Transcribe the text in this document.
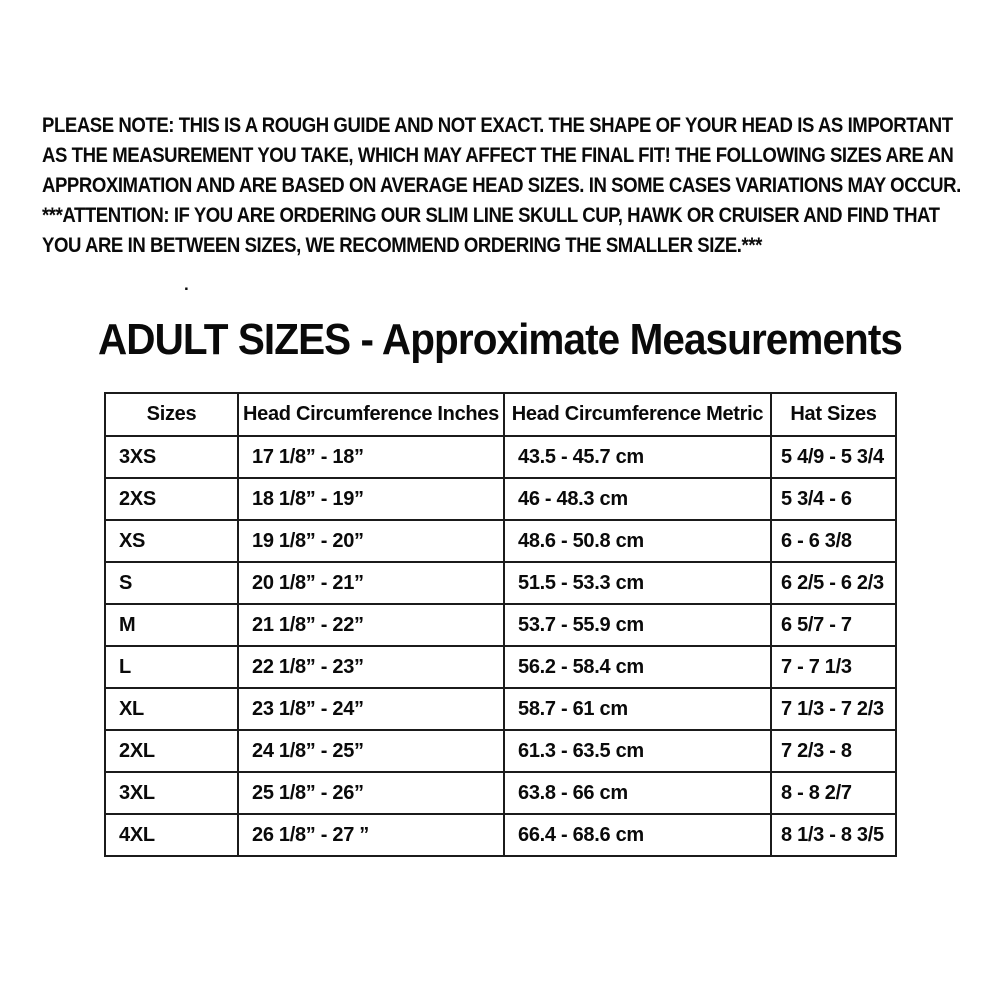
PLEASE NOTE: THIS IS A ROUGH GUIDE AND NOT EXACT. THE SHAPE OF YOUR HEAD IS AS IMPORTANT
AS THE MEASUREMENT YOU TAKE, WHICH MAY AFFECT THE FINAL FIT! THE FOLLOWING SIZES ARE AN
APPROXIMATION AND ARE BASED ON AVERAGE HEAD SIZES. IN SOME CASES VARIATIONS MAY OCCUR.

***ATTENTION: IF YOU ARE ORDERING OUR SLIM LINE SKULL CUP, HAWK OR CRUISER AND FIND THAT
YOU ARE IN BETWEEN SIZES, WE RECOMMEND ORDERING THE SMALLER SIZE.***

.
ADULT SIZES - Approximate Measurements
Sizes	Head Circumference Inches	Head Circumference Metric	Hat Sizes
3XS	17 1/8” - 18”	43.5 - 45.7 cm	5 4/9 - 5 3/4
2XS	18 1/8” - 19”	46 - 48.3 cm	5 3/4 - 6
XS	19 1/8” - 20”	48.6 - 50.8 cm	6 - 6 3/8
S	20 1/8” - 21”	51.5 - 53.3 cm	6 2/5 - 6 2/3
M	21 1/8” - 22”	53.7 - 55.9 cm	6 5/7 - 7
L	22 1/8” - 23”	56.2 - 58.4 cm	7 - 7 1/3
XL	23 1/8” - 24”	58.7 - 61 cm	7 1/3 - 7 2/3
2XL	24 1/8” - 25”	61.3 - 63.5 cm	7 2/3 - 8
3XL	25 1/8” - 26”	63.8 - 66 cm	8 - 8 2/7
4XL	26 1/8” - 27 ”	66.4 - 68.6 cm	8 1/3 - 8 3/5
